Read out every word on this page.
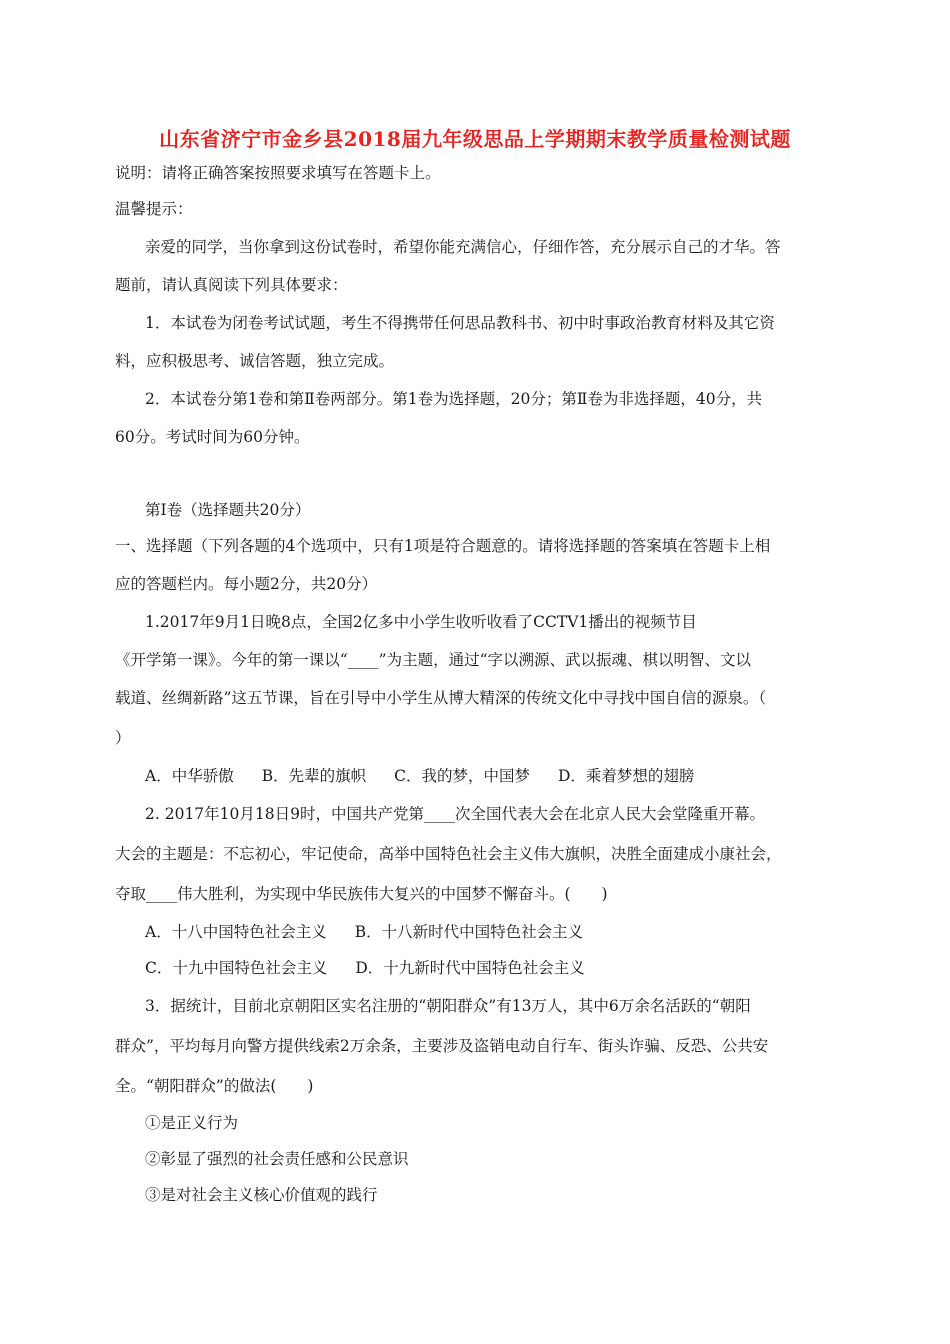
山东省济宁市金乡县2018届九年级思品上学期期末教学质量检测试题
说明：请将正确答案按照要求填写在答题卡上。
温馨提示：
亲爱的同学，当你拿到这份试卷时，希望你能充满信心，仔细作答，充分展示自己的才华。答
题前，请认真阅读下列具体要求：
1．本试卷为闭卷考试试题，考生不得携带任何思品教科书、初中时事政治教育材料及其它资
料，应积极思考、诚信答题，独立完成。
2．本试卷分第1卷和第Ⅱ卷两部分。第1卷为选择题，20分；第Ⅱ卷为非选择题，40分，共
60分。考试时间为60分钟。
第Ⅰ卷（选择题共20分）
一、选择题（下列各题的4个选项中，只有1项是符合题意的。请将选择题的答案填在答题卡上相
应的答题栏内。每小题2分，共20分）
1.2017年9月1日晚8点，全国2亿多中小学生收听收看了CCTV1播出的视频节目
《开学第一课》。今年的第一课以“____”为主题，通过“字以溯源、武以振魂、棋以明智、文以
载道、丝绸新路”这五节课，旨在引导中小学生从博大精深的传统文化中寻找中国自信的源泉。（
）
A．中华骄傲 B．先辈的旗帜 C．我的梦，中国梦 D．乘着梦想的翅膀
2. 2017年10月18日9时，中国共产党第____次全国代表大会在北京人民大会堂隆重开幕。
大会的主题是：不忘初心，牢记使命，高举中国特色社会主义伟大旗帜，决胜全面建成小康社会，
夺取____伟大胜利，为实现中华民族伟大复兴的中国梦不懈奋斗。(　　)
A．十八中国特色社会主义 B．十八新时代中国特色社会主义
C．十九中国特色社会主义 D．十九新时代中国特色社会主义
3．据统计，目前北京朝阳区实名注册的“朝阳群众”有13万人，其中6万余名活跃的“朝阳
群众”，平均每月向警方提供线索2万余条，主要涉及盗销电动自行车、街头诈骗、反恐、公共安
全。“朝阳群众”的做法(　　)
①是正义行为
②彰显了强烈的社会责任感和公民意识
③是对社会主义核心价值观的践行
